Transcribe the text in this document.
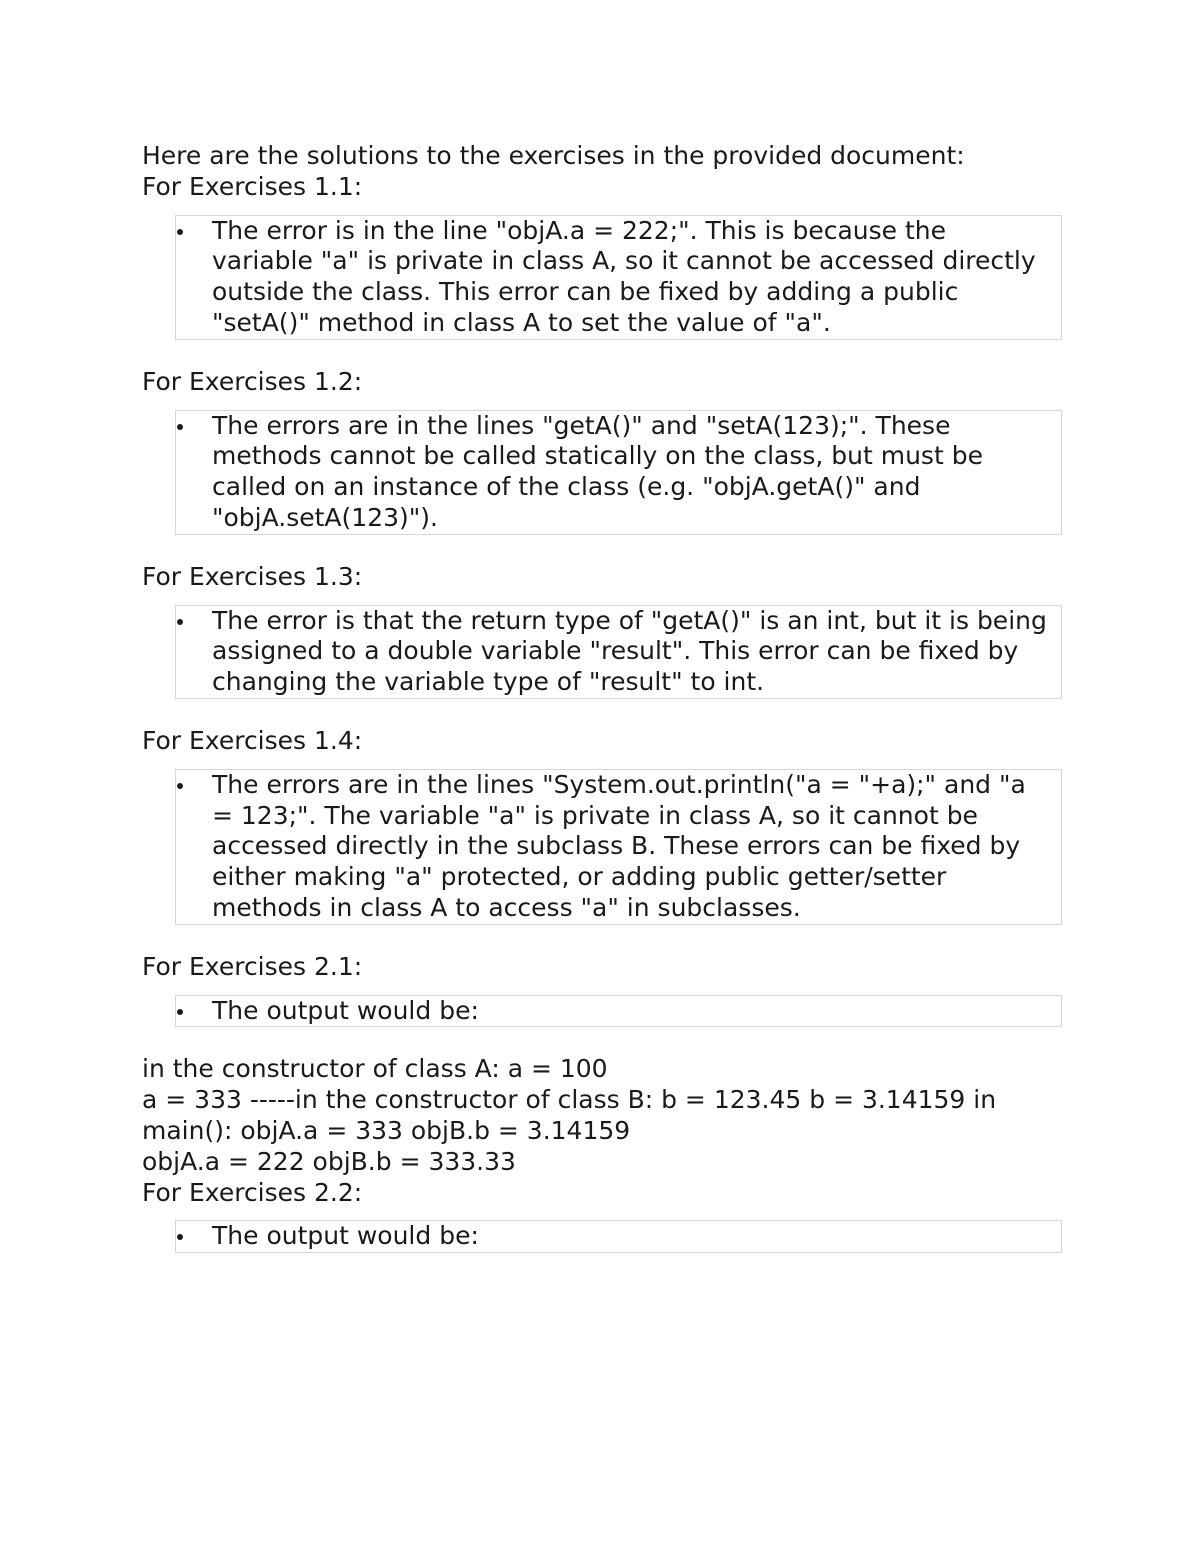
Here are the solutions to the exercises in the provided document:

For Exercises 1.1:

The error is in the line "objA.a = 222;". This is because the variable "a" is private in class A, so it cannot be accessed directly outside the class. This error can be fixed by adding a public "setA()" method in class A to set the value of "a".

For Exercises 1.2:

The errors are in the lines "getA()" and "setA(123);". These methods cannot be called statically on the class, but must be called on an instance of the class (e.g. "objA.getA()" and "objA.setA(123)").

For Exercises 1.3:

The error is that the return type of "getA()" is an int, but it is being assigned to a double variable "result". This error can be fixed by changing the variable type of "result" to int.

For Exercises 1.4:

The errors are in the lines "System.out.println("a = "+a);" and "a = 123;". The variable "a" is private in class A, so it cannot be accessed directly in the subclass B. These errors can be fixed by either making "a" protected, or adding public getter/setter methods in class A to access "a" in subclasses.

For Exercises 2.1:

The output would be:

in the constructor of class A: a = 100

a = 333 -----in the constructor of class B: b = 123.45 b = 3.14159 in

main(): objA.a = 333 objB.b = 3.14159

objA.a = 222 objB.b = 333.33

For Exercises 2.2:

The output would be:
